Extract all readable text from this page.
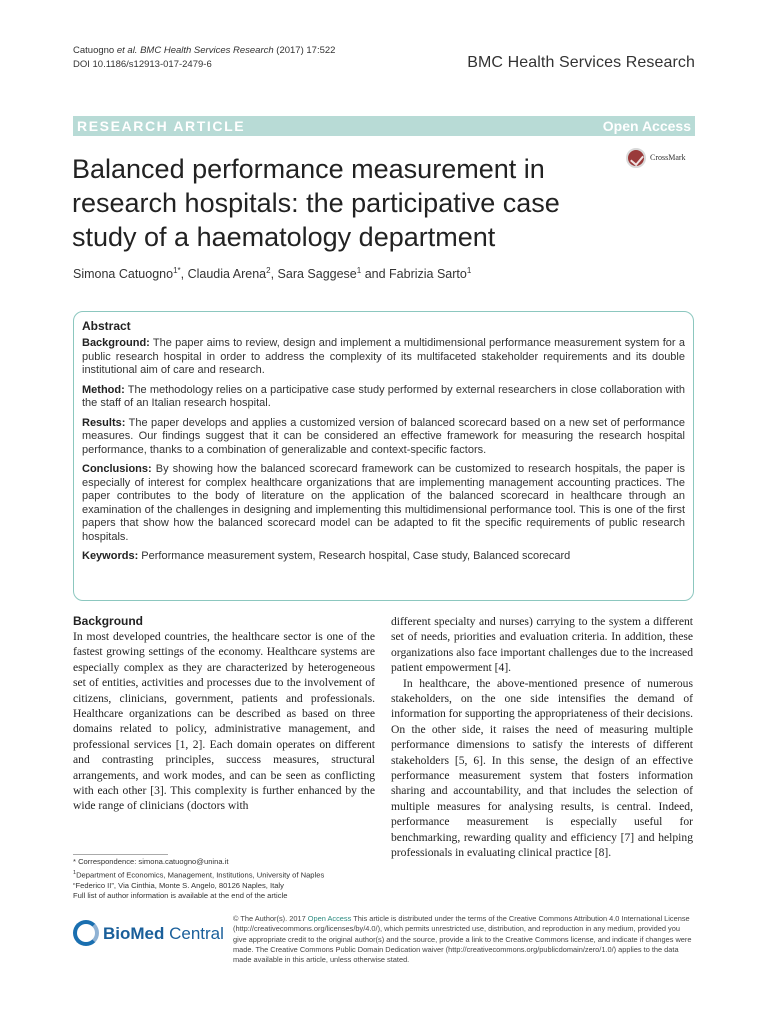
Catuogno et al. BMC Health Services Research (2017) 17:522
DOI 10.1186/s12913-017-2479-6	BMC Health Services Research
RESEARCH ARTICLE	Open Access
Balanced performance measurement in research hospitals: the participative case study of a haematology department
CrossMark
Simona Catuogno$^{1*}$, Claudia Arena$^2$, Sara Saggese$^1$ and Fabrizia Sarto$^1$
Abstract

Background: The paper aims to review, design and implement a multidimensional performance measurement system for a public research hospital in order to address the complexity of its multifaceted stakeholder requirements and its double institutional aim of care and research.

Method: The methodology relies on a participative case study performed by external researchers in close collaboration with the staff of an Italian research hospital.

Results: The paper develops and applies a customized version of balanced scorecard based on a new set of performance measures. Our findings suggest that it can be considered an effective framework for measuring the research hospital performance, thanks to a combination of generalizable and context-specific factors.

Conclusions: By showing how the balanced scorecard framework can be customized to research hospitals, the paper is especially of interest for complex healthcare organizations that are implementing management accounting practices. The paper contributes to the body of literature on the application of the balanced scorecard in healthcare through an examination of the challenges in designing and implementing this multidimensional performance tool. This is one of the first papers that show how the balanced scorecard model can be adapted to fit the specific requirements of public research hospitals.

Keywords: Performance measurement system, Research hospital, Case study, Balanced scorecard

Background

In most developed countries, the healthcare sector is one of the fastest growing settings of the economy. Healthcare systems are especially complex as they are characterized by heterogeneous set of entities, activities and processes due to the involvement of citizens, clinicians, government, patients and professionals. Healthcare organizations can be described as based on three domains related to policy, administrative management, and professional services [1, 2]. Each domain operates on different and contrasting principles, success measures, structural arrangements, and work modes, and can be seen as conflicting with each other [3]. This complexity is further enhanced by the wide range of clinicians (doctors with

different specialty and nurses) carrying to the system a different set of needs, priorities and evaluation criteria. In addition, these organizations also face important challenges due to the increased patient empowerment [4].

In healthcare, the above-mentioned presence of numerous stakeholders, on the one side intensifies the demand of information for supporting the appropriateness of their decisions. On the other side, it raises the need of measuring multiple performance dimensions to satisfy the interests of different stakeholders [5, 6]. In this sense, the design of an effective performance measurement system that fosters information sharing and accountability, and that includes the selection of multiple measures for analysing results, is central. Indeed, performance measurement is especially useful for benchmarking, rewarding quality and efficiency [7] and helping professionals in evaluating clinical practice [8].

* Correspondence: simona.catuogno@unina.it
$^1$Department of Economics, Management, Institutions, University of Naples
“Federico II”, Via Cinthia, Monte S. Angelo, 80126 Naples, Italy
Full list of author information is available at the end of the article
BioMed Central
© The Author(s). 2017 Open Access This article is distributed under the terms of the Creative Commons Attribution 4.0 International License (http://creativecommons.org/licenses/by/4.0/), which permits unrestricted use, distribution, and reproduction in any medium, provided you give appropriate credit to the original author(s) and the source, provide a link to the Creative Commons license, and indicate if changes were made. The Creative Commons Public Domain Dedication waiver (http://creativecommons.org/publicdomain/zero/1.0/) applies to the data made available in this article, unless otherwise stated.
